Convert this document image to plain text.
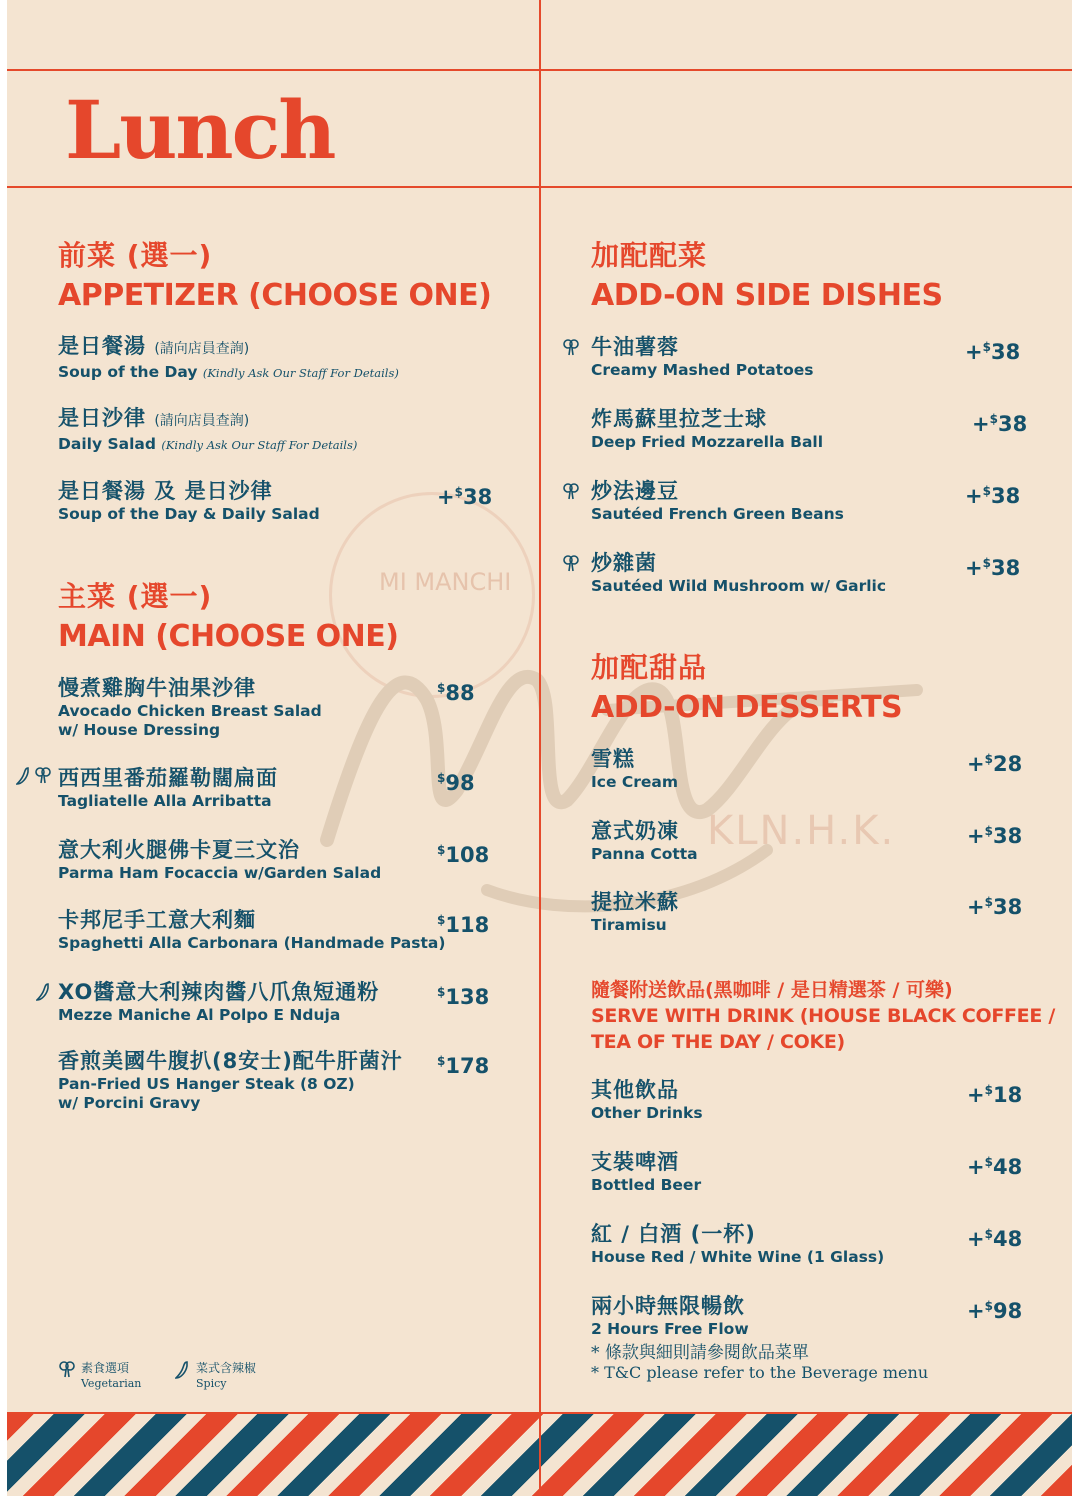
MI MANCHI
KLN.H.K.
Lunch
前菜 (選一)
APPETIZER (CHOOSE ONE)
是日餐湯 (請向店員查詢)
Soup of the Day (Kindly Ask Our Staff For Details)
是日沙律 (請向店員查詢)
Daily Salad (Kindly Ask Our Staff For Details)
是日餐湯 及 是日沙律
Soup of the Day & Daily Salad
+$38
主菜 (選一)
MAIN (CHOOSE ONE)
慢煮雞胸牛油果沙律
Avocado Chicken Breast Salad
w/ House Dressing
$88
西西里番茄羅勒闊扁面
Tagliatelle Alla Arribatta
$98
意大利火腿佛卡夏三文治
Parma Ham Focaccia w/Garden Salad
$108
卡邦尼手工意大利麵
Spaghetti Alla Carbonara (Handmade Pasta)
$118
XO醬意大利辣肉醬八爪魚短通粉
Mezze Maniche Al Polpo E Nduja
$138
香煎美國牛腹扒(8安士)配牛肝菌汁
Pan-Fried US Hanger Steak (8 OZ)
w/ Porcini Gravy
$178
加配配菜
ADD-ON SIDE DISHES
牛油薯蓉
Creamy Mashed Potatoes
+$38
炸馬蘇里拉芝士球
Deep Fried Mozzarella Ball
+$38
炒法邊豆
Sautéed French Green Beans
+$38
炒雜菌
Sautéed Wild Mushroom w/ Garlic
+$38
加配甜品
ADD-ON DESSERTS
雪糕
Ice Cream
+$28
意式奶凍
Panna Cotta
+$38
提拉米蘇
Tiramisu
+$38
隨餐附送飲品(黑咖啡 / 是日精選茶 / 可樂)
SERVE WITH DRINK (HOUSE BLACK COFFEE /
TEA OF THE DAY / COKE)
其他飲品
Other Drinks
+$18
支裝啤酒
Bottled Beer
+$48
紅 / 白酒 (一杯)
House Red / White Wine (1 Glass)
+$48
兩小時無限暢飲
2 Hours Free Flow
+$98
* 條款與細則請參閱飲品菜單
* T&C please refer to the Beverage menu
素食選項
Vegetarian
菜式含辣椒
Spicy
